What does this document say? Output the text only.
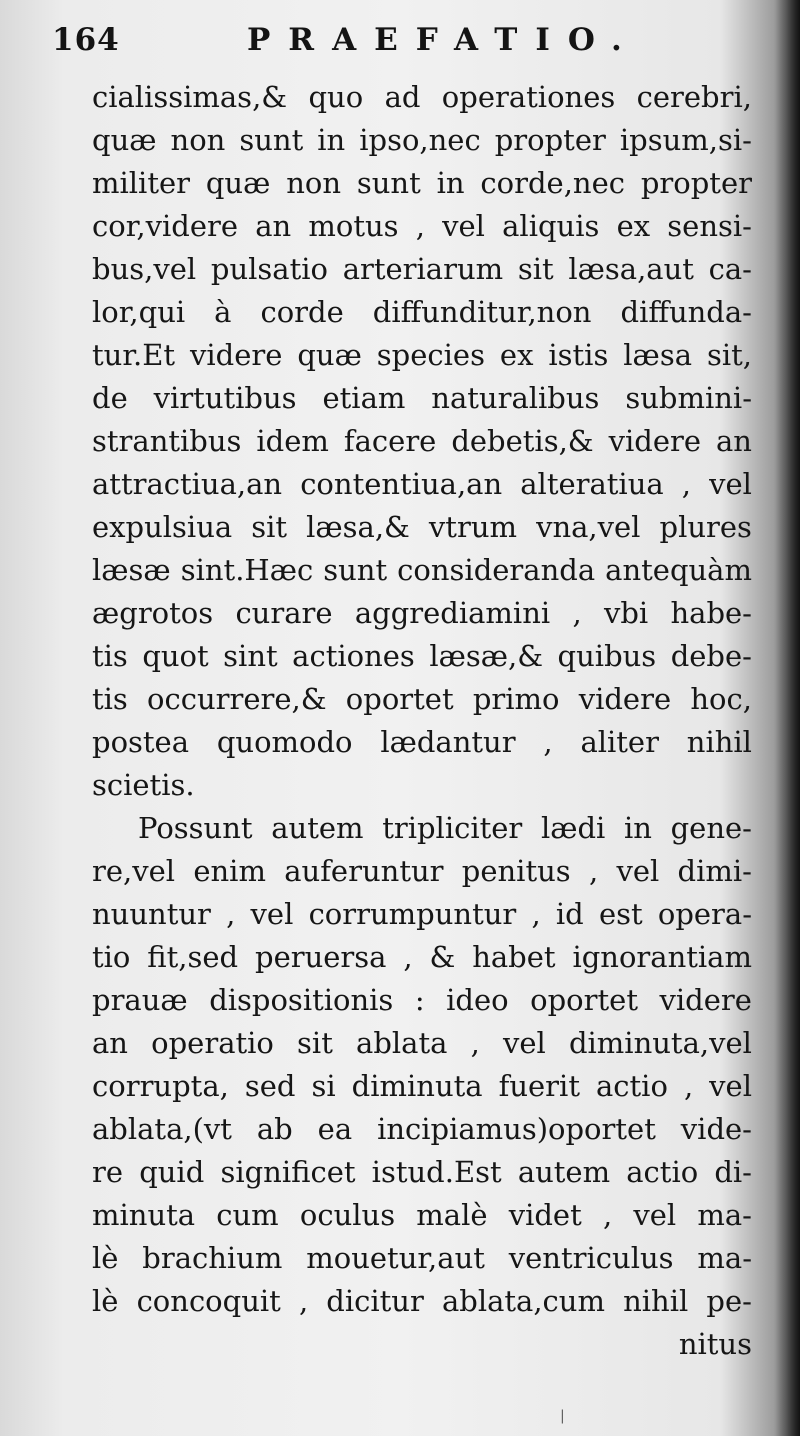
164	PRAEFATIO.
cialissimas,& quo ad operationes cerebri,
quæ non sunt in ipso,nec propter ipsum,si-
militer quæ non sunt in corde,nec propter
cor,videre an motus , vel aliquis ex sensi-
bus,vel pulsatio arteriarum sit læsa,aut ca-
lor,qui à corde diffunditur,non diffunda-
tur.Et videre quæ species ex istis læsa sit,
de virtutibus etiam naturalibus submini-
strantibus idem facere debetis,& videre an
attractiua,an contentiua,an alteratiua , vel
expulsiua sit læsa,& vtrum vna,vel plures
læsæ sint.Hæc sunt consideranda antequàm
ægrotos curare aggrediamini , vbi habe-
tis quot sint actiones læsæ,& quibus debe-
tis occurrere,& oportet primo videre hoc,
postea quomodo lædantur , aliter nihil
scietis.
Possunt autem tripliciter lædi in gene-
re,vel enim auferuntur penitus , vel dimi-
nuuntur , vel corrumpuntur , id est opera-
tio fit,sed peruersa , & habet ignorantiam
prauæ dispositionis : ideo oportet videre
an operatio sit ablata , vel diminuta,vel
corrupta, sed si diminuta fuerit actio , vel
ablata,(vt ab ea incipiamus)oportet vide-
re quid significet istud.Est autem actio di-
minuta cum oculus malè videt , vel ma-
lè brachium mouetur,aut ventriculus ma-
lè concoquit , dicitur ablata,cum nihil pe-
nitus
|
